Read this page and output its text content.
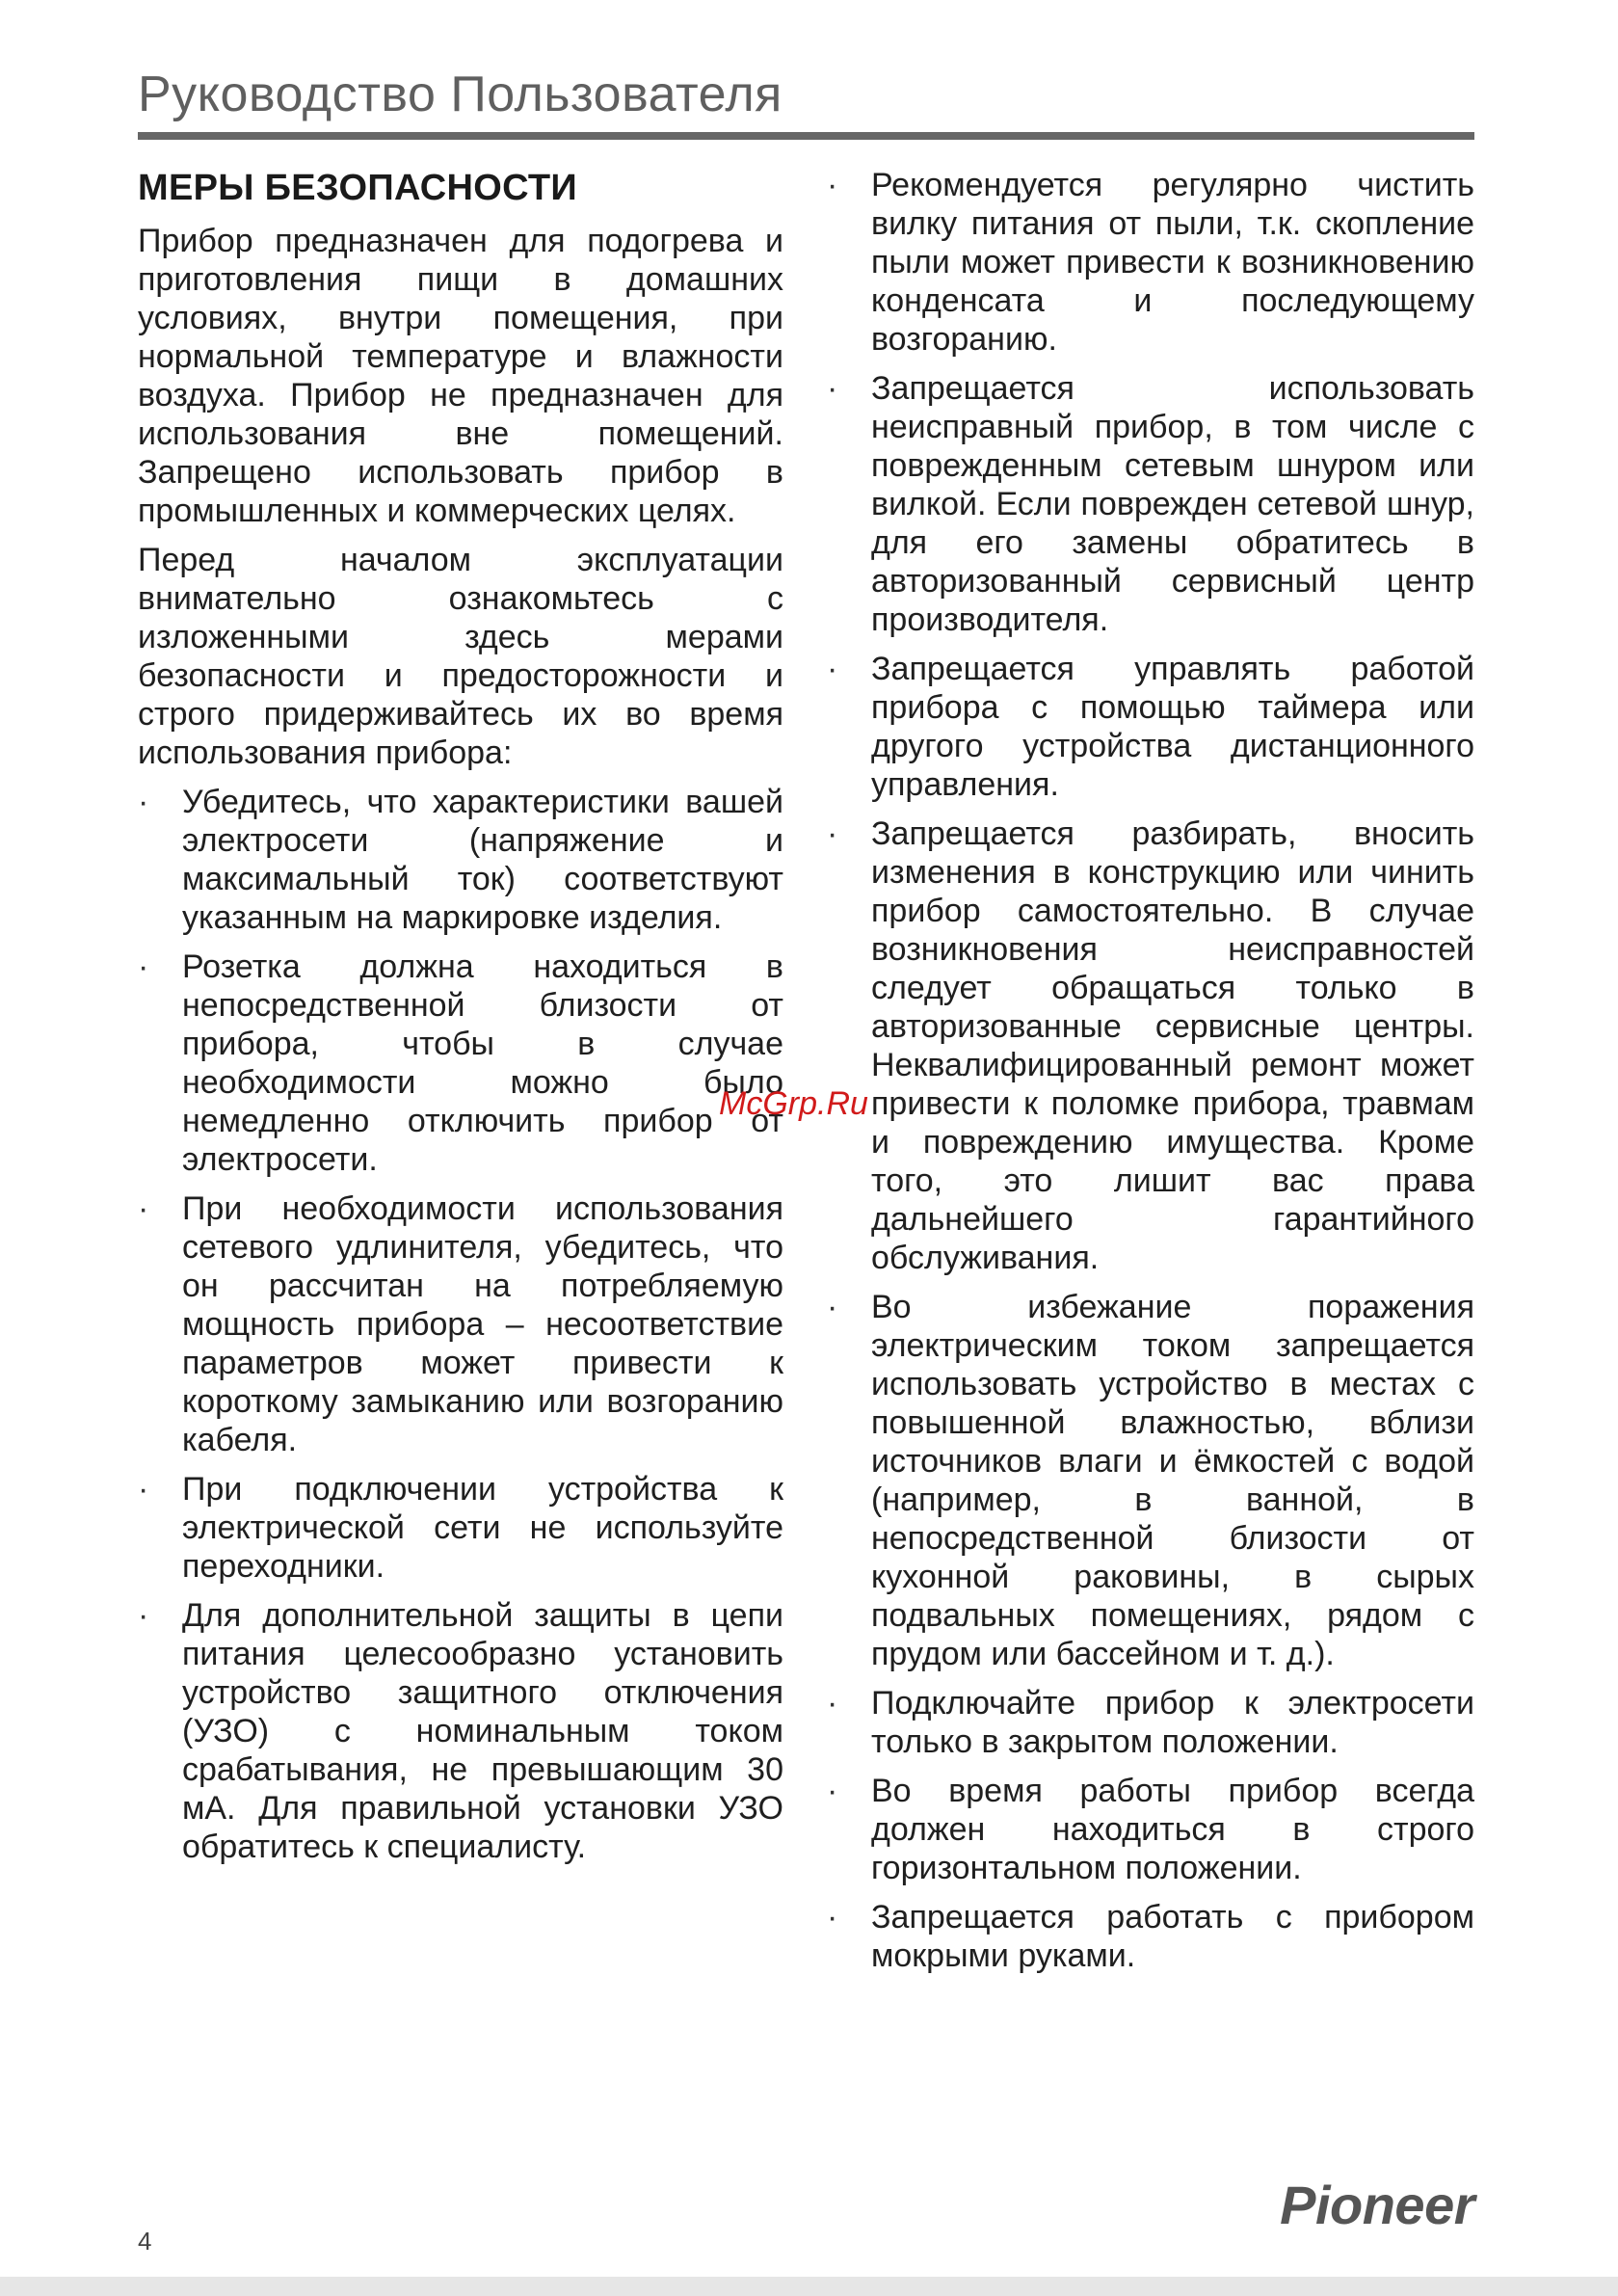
Руководство Пользователя
МЕРЫ БЕЗОПАСНОСТИ

Прибор предназначен для подогрева и приготовления пищи в домашних условиях, внутри помещения, при нормальной температуре и влажности воздуха. Прибор не предназначен для использования вне помещений. Запрещено использовать прибор в промышленных и коммерческих целях.

Перед началом эксплуатации внимательно ознакомьтесь с изложенными здесь мерами безопасности и предосторожности и строго придерживайтесь их во время использования прибора:

· Убедитесь, что характеристики вашей электросети (напряжение и максимальный ток) соответствуют указанным на маркировке изделия.
· Розетка должна находиться в непосредственной близости от прибора, чтобы в случае необходимости можно было немедленно отключить прибор от электросети.
· При необходимости использования сетевого удлинителя, убедитесь, что он рассчитан на потребляемую мощность прибора – несоответствие параметров может привести к короткому замыканию или возгоранию кабеля.
· При подключении устройства к электрической сети не используйте переходники.
· Для дополнительной защиты в цепи питания целесообразно установить устройство защитного отключения (УЗО) с номинальным током срабатывания, не превышающим 30 мА. Для правильной установки УЗО обратитесь к специалисту.
· Рекомендуется регулярно чистить вилку питания от пыли, т.к. скопление пыли может привести к возникновению конденсата и последующему возгоранию.
· Запрещается использовать неисправный прибор, в том числе с поврежденным сетевым шнуром или вилкой. Если поврежден сетевой шнур, для его замены обратитесь в авторизованный сервисный центр производителя.
· Запрещается управлять работой прибора с помощью таймера или другого устройства дистанционного управления.
· Запрещается разбирать, вносить изменения в конструкцию или чинить прибор самостоятельно. В случае возникновения неисправностей следует обращаться только в авторизованные сервисные центры. Неквалифицированный ремонт может привести к поломке прибора, травмам и повреждению имущества. Кроме того, это лишит вас права дальнейшего гарантийного обслуживания.
· Во избежание поражения электрическим током запрещается использовать устройство в местах с повышенной влажностью, вблизи источников влаги и ёмкостей с водой (например, в ванной, в непосредственной близости от кухонной раковины, в сырых подвальных помещениях, рядом с прудом или бассейном и т. д.).
· Подключайте прибор к электросети только в закрытом положении.
· Во время работы прибор всегда должен находиться в строго горизонтальном положении.
· Запрещается работать с прибором мокрыми руками.
McGrp.Ru
4
Pioneer
